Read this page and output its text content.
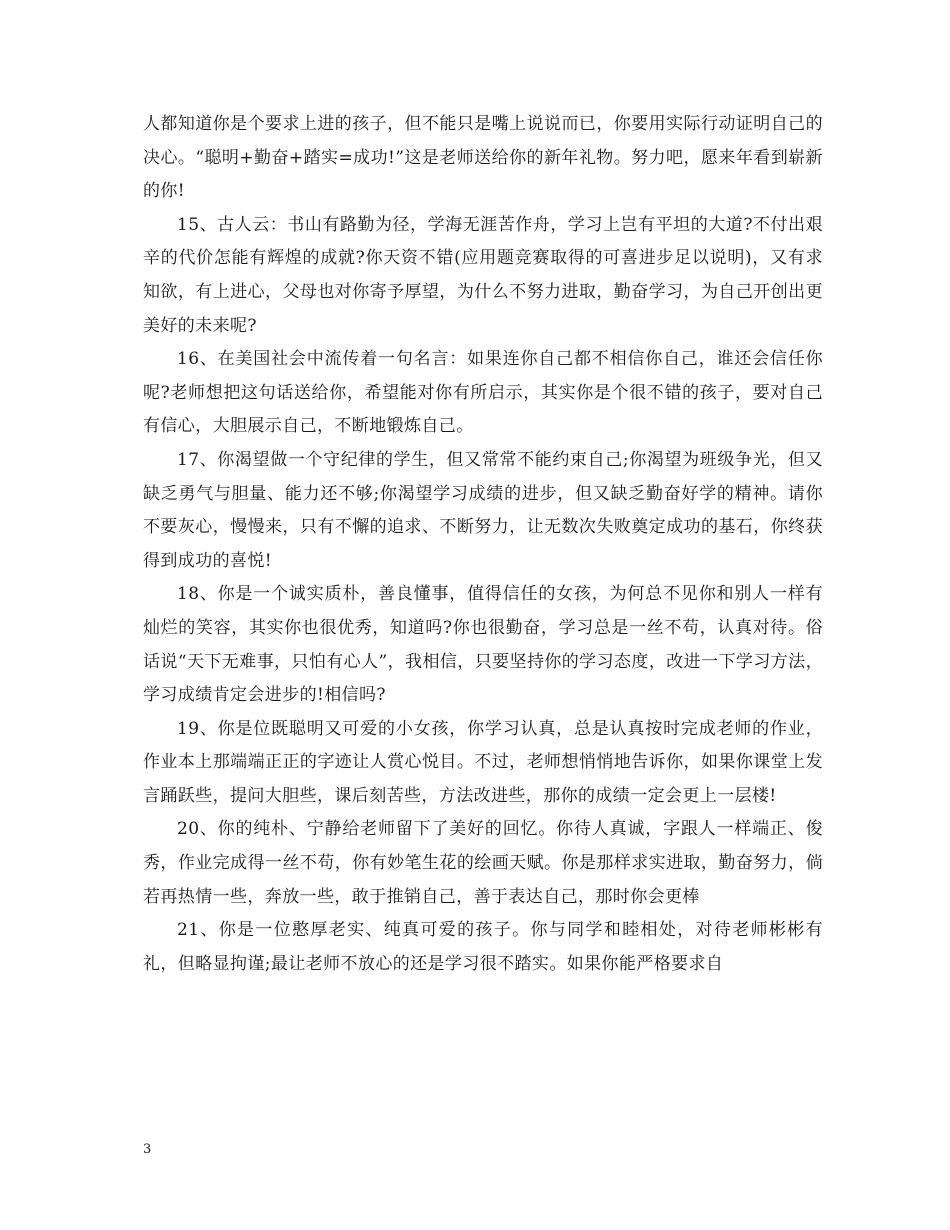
人都知道你是个要求上进的孩子，但不能只是嘴上说说而已，你要用实际行动证明自己的决心。“聪明+勤奋+踏实=成功!”这是老师送给你的新年礼物。努力吧，愿来年看到崭新的你!

15、古人云：书山有路勤为径，学海无涯苦作舟，学习上岂有平坦的大道?不付出艰辛的代价怎能有辉煌的成就?你天资不错(应用题竞赛取得的可喜进步足以说明)，又有求知欲，有上进心，父母也对你寄予厚望，为什么不努力进取，勤奋学习，为自己开创出更美好的未来呢?

16、在美国社会中流传着一句名言：如果连你自己都不相信你自己，谁还会信任你呢?老师想把这句话送给你，希望能对你有所启示，其实你是个很不错的孩子，要对自己有信心，大胆展示自己，不断地锻炼自己。

17、你渴望做一个守纪律的学生，但又常常不能约束自己;你渴望为班级争光，但又缺乏勇气与胆量、能力还不够;你渴望学习成绩的进步，但又缺乏勤奋好学的精神。请你不要灰心，慢慢来，只有不懈的追求、不断努力，让无数次失败奠定成功的基石，你终获得到成功的喜悦!

18、你是一个诚实质朴，善良懂事，值得信任的女孩，为何总不见你和别人一样有灿烂的笑容，其实你也很优秀，知道吗?你也很勤奋，学习总是一丝不苟，认真对待。俗话说“天下无难事，只怕有心人”，我相信，只要坚持你的学习态度，改进一下学习方法，学习成绩肯定会进步的!相信吗?

19、你是位既聪明又可爱的小女孩，你学习认真，总是认真按时完成老师的作业，作业本上那端端正正的字迹让人赏心悦目。不过，老师想悄悄地告诉你，如果你课堂上发言踊跃些，提问大胆些，课后刻苦些，方法改进些，那你的成绩一定会更上一层楼!

20、你的纯朴、宁静给老师留下了美好的回忆。你待人真诚，字跟人一样端正、俊秀，作业完成得一丝不苟，你有妙笔生花的绘画天赋。你是那样求实进取，勤奋努力，倘若再热情一些，奔放一些，敢于推销自己，善于表达自己，那时你会更棒

21、你是一位憨厚老实、纯真可爱的孩子。你与同学和睦相处，对待老师彬彬有礼，但略显拘谨;最让老师不放心的还是学习很不踏实。如果你能严格要求自

3
